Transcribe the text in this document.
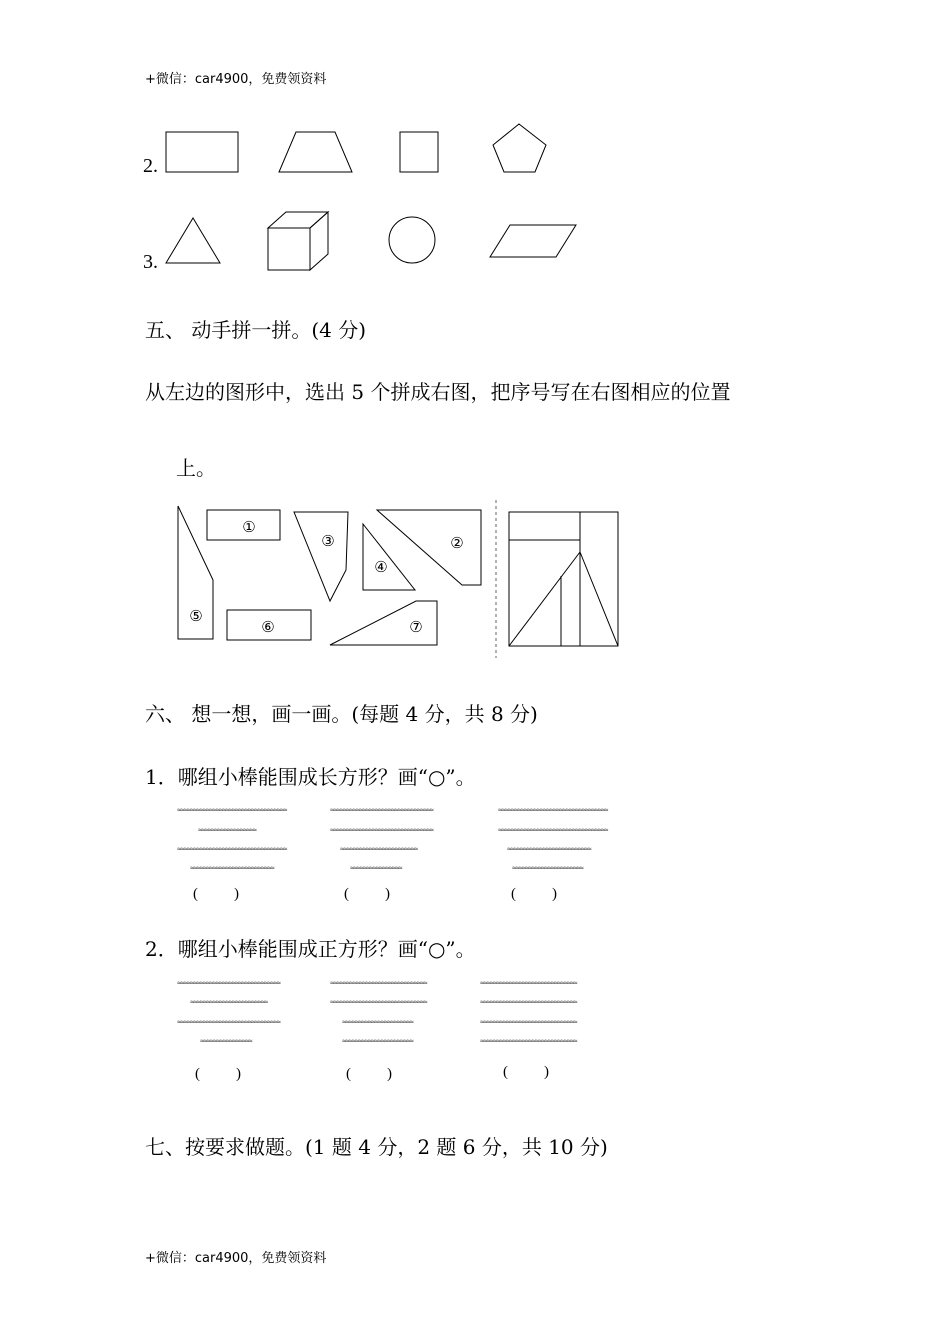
+微信：car4900，免费领资料
2.
3.
五、 动手拼一拼。(4 分)
从左边的图形中，选出 5 个拼成右图，把序号写在右图相应的位置
上。
①
②
③
④
⑤
⑥	⑦
六、 想一想，画一画。(每题 4 分，共 8 分)
1．哪组小棒能围成长方形？画“○”。
≈≈≈≈≈≈≈≈≈≈≈≈≈≈≈≈≈≈≈≈≈≈≈≈≈≈≈≈≈≈≈≈≈≈
≈≈≈≈≈≈≈≈≈≈≈≈≈≈≈≈≈≈
≈≈≈≈≈≈≈≈≈≈≈≈≈≈≈≈≈≈≈≈≈≈≈≈≈≈≈≈≈≈≈≈≈≈
≈≈≈≈≈≈≈≈≈≈≈≈≈≈≈≈≈≈≈≈≈≈≈≈≈≈
( )
≈≈≈≈≈≈≈≈≈≈≈≈≈≈≈≈≈≈≈≈≈≈≈≈≈≈≈≈≈≈≈≈
≈≈≈≈≈≈≈≈≈≈≈≈≈≈≈≈≈≈≈≈≈≈≈≈≈≈≈≈≈≈≈≈
≈≈≈≈≈≈≈≈≈≈≈≈≈≈≈≈≈≈≈≈≈≈≈≈
≈≈≈≈≈≈≈≈≈≈≈≈≈≈≈≈
( )
≈≈≈≈≈≈≈≈≈≈≈≈≈≈≈≈≈≈≈≈≈≈≈≈≈≈≈≈≈≈≈≈≈≈
≈≈≈≈≈≈≈≈≈≈≈≈≈≈≈≈≈≈≈≈≈≈≈≈≈≈≈≈≈≈≈≈≈≈
≈≈≈≈≈≈≈≈≈≈≈≈≈≈≈≈≈≈≈≈≈≈≈≈≈≈
≈≈≈≈≈≈≈≈≈≈≈≈≈≈≈≈≈≈≈≈≈≈
( )
2．哪组小棒能围成正方形？画“○”。
≈≈≈≈≈≈≈≈≈≈≈≈≈≈≈≈≈≈≈≈≈≈≈≈≈≈≈≈≈≈≈≈
≈≈≈≈≈≈≈≈≈≈≈≈≈≈≈≈≈≈≈≈≈≈≈≈
≈≈≈≈≈≈≈≈≈≈≈≈≈≈≈≈≈≈≈≈≈≈≈≈≈≈≈≈≈≈≈≈
≈≈≈≈≈≈≈≈≈≈≈≈≈≈≈≈
( )
≈≈≈≈≈≈≈≈≈≈≈≈≈≈≈≈≈≈≈≈≈≈≈≈≈≈≈≈≈≈
≈≈≈≈≈≈≈≈≈≈≈≈≈≈≈≈≈≈≈≈≈≈≈≈≈≈≈≈≈≈
≈≈≈≈≈≈≈≈≈≈≈≈≈≈≈≈≈≈≈≈≈≈
≈≈≈≈≈≈≈≈≈≈≈≈≈≈≈≈≈≈≈≈≈≈
( )
≈≈≈≈≈≈≈≈≈≈≈≈≈≈≈≈≈≈≈≈≈≈≈≈≈≈≈≈≈≈
≈≈≈≈≈≈≈≈≈≈≈≈≈≈≈≈≈≈≈≈≈≈≈≈≈≈≈≈≈≈
≈≈≈≈≈≈≈≈≈≈≈≈≈≈≈≈≈≈≈≈≈≈≈≈≈≈≈≈≈≈
≈≈≈≈≈≈≈≈≈≈≈≈≈≈≈≈≈≈≈≈≈≈≈≈≈≈≈≈≈≈
( )
七、按要求做题。(1 题 4 分，2 题 6 分，共 10 分)
+微信：car4900，免费领资料
